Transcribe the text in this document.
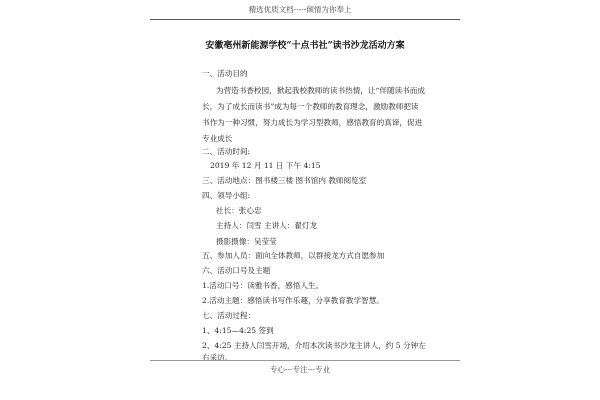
精选优质文档-----倾情为你奉上
安徽亳州新能源学校“十点书社”读书沙龙活动方案
一、活动目的
为营造书香校园，掀起我校教师的读书热情，让“伴随读书而成
长，为了成长而读书”成为每一个教师的教育理念，激励教师把读
书作为一种习惯，努力成长为学习型教师，感悟教育的真谛，促进
专业成长
二、活动时间:
2019 年 12 月 11 日 下午 4:15
三、活动地点：图书楼三楼 图书馆内 教师阅览室
四、领导小组:
社长：张心忠
主持人：闫雪 主讲人：翟灯龙
摄影摄像：吴莹莹
五、参加人员：面向全体教师，以群接龙方式自愿参加
六、活动口号及主题
1.活动口号：读雅书香，感悟人生。
2.活动主题：感悟读书写作乐趣，分享教育教学智慧。
七、活动过程：
1、4:15—4:25 签到
2、4:25 主持人闫雪开场，介绍本次读书沙龙主讲人，约 5 分钟左
右采访。
专心---专注---专业
